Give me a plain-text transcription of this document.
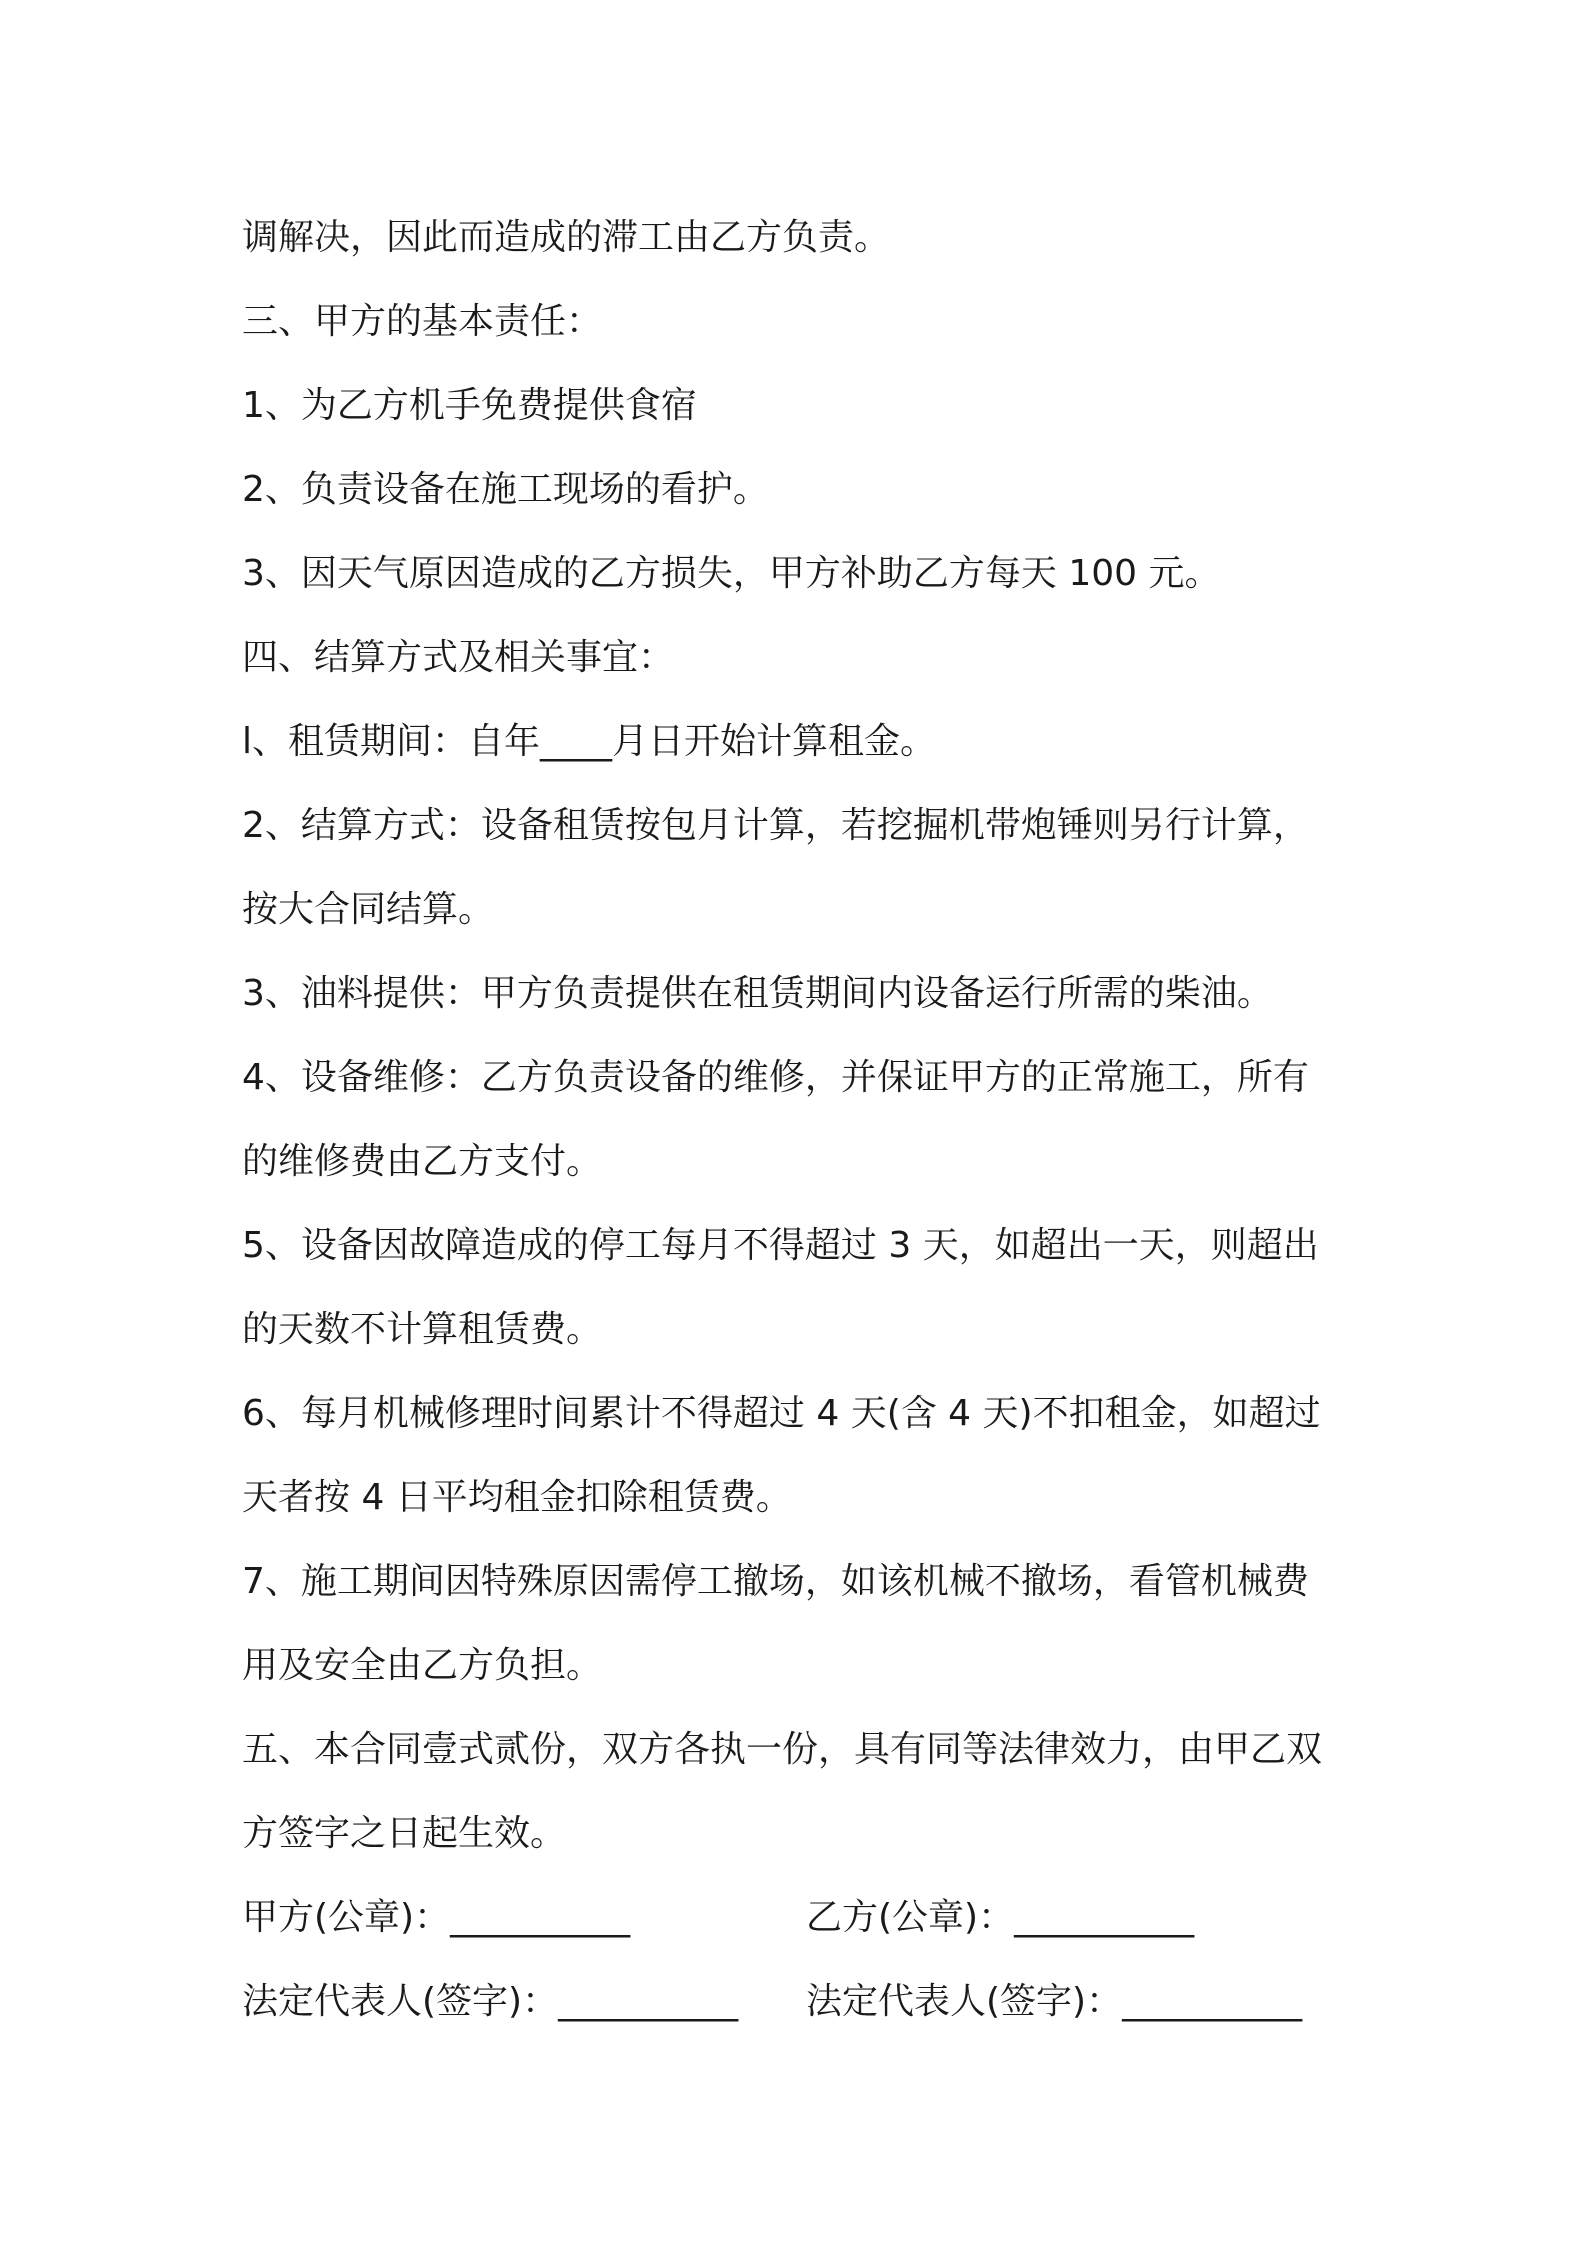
调解决，因此而造成的滞工由乙方负责。
三、甲方的基本责任：
1、为乙方机手免费提供食宿
2、负责设备在施工现场的看护。
3、因天气原因造成的乙方损失，甲方补助乙方每天 100 元。
四、结算方式及相关事宜：
l、租赁期间：自年____月日开始计算租金。
2、结算方式：设备租赁按包月计算，若挖掘机带炮锤则另行计算，
按大合同结算。
3、油料提供：甲方负责提供在租赁期间内设备运行所需的柴油。
4、设备维修：乙方负责设备的维修，并保证甲方的正常施工，所有
的维修费由乙方支付。
5、设备因故障造成的停工每月不得超过 3 天，如超出一天，则超出
的天数不计算租赁费。
6、每月机械修理时间累计不得超过 4 天(含 4 天)不扣租金，如超过
天者按 4 日平均租金扣除租赁费。
7、施工期间因特殊原因需停工撤场，如该机械不撤场，看管机械费
用及安全由乙方负担。
五、本合同壹式贰份，双方各执一份，具有同等法律效力，由甲乙双
方签字之日起生效。
甲方(公章)：__________	乙方(公章)：__________
法定代表人(签字)：__________ 法定代表人(签字)：__________
